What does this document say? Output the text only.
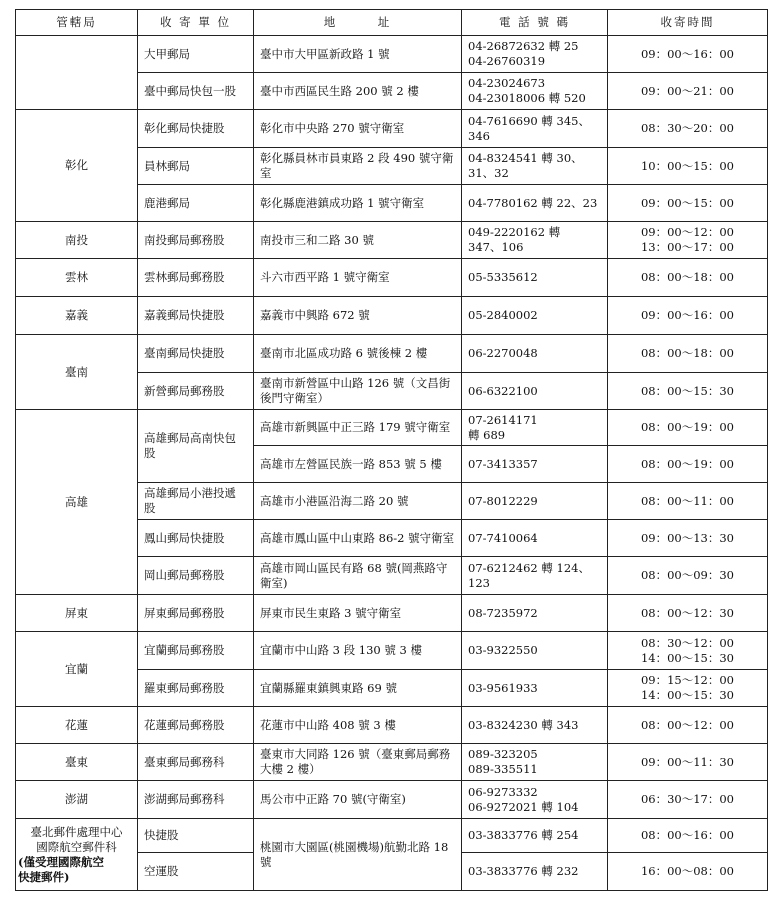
管轄局	收 寄 單 位	地　　　址	電 話 號 碼	收寄時間
	大甲郵局	臺中市大甲區新政路 1 號	04-26872632 轉 25
04-26760319	09：00～16：00

	臺中郵局快包一股	臺中市西區民生路 200 號 2 樓	04-23024673
04-23018006 轉 520	09：00～21：00

彰化	彰化郵局快捷股	彰化市中央路 270 號守衛室	04-7616690 轉 345、
346	08：30～20：00

	員林郵局	彰化縣員林市員東路 2 段 490 號守衛室	04-8324541 轉 30、
31、32	10：00～15：00

	鹿港郵局	彰化縣鹿港鎮成功路 1 號守衛室	04-7780162 轉 22、23	09：00～15：00

南投	南投郵局郵務股	南投市三和二路 30 號	049-2220162 轉
347、106	09：00～12：00
13：00～17：00

雲林	雲林郵局郵務股	斗六市西平路 1 號守衛室	05-5335612	08：00～18：00

嘉義	嘉義郵局快捷股	嘉義市中興路 672 號	05-2840002	09：00～16：00

臺南	臺南郵局快捷股	臺南市北區成功路 6 號後棟 2 樓	06-2270048	08：00～18：00

	新營郵局郵務股	臺南市新營區中山路 126 號（文昌街後門守衛室）	06-6322100	08：00～15：30

高雄	高雄郵局高南快包股	高雄市新興區中正三路 179 號守衛室	07-2614171
轉 689	08：00～19：00

		高雄市左營區民族一路 853 號 5 樓	07-3413357	08：00～19：00

	高雄郵局小港投遞股	高雄市小港區沿海二路 20 號	07-8012229	08：00～11：00

	鳳山郵局快捷股	高雄市鳳山區中山東路 86-2 號守衛室	07-7410064	09：00～13：30

	岡山郵局郵務股	高雄市岡山區民有路 68 號(岡燕路守衛室)	07-6212462 轉 124、
123	08：00～09：30

屏東	屏東郵局郵務股	屏東市民生東路 3 號守衛室	08-7235972	08：00～12：30

宜蘭	宜蘭郵局郵務股	宜蘭市中山路 3 段 130 號 3 樓	03-9322550	08：30～12：00
14：00～15：30

	羅東郵局郵務股	宜蘭縣羅東鎮興東路 69 號	03-9561933	09：15～12：00
14：00～15：30

花蓮	花蓮郵局郵務股	花蓮市中山路 408 號 3 樓	03-8324230 轉 343	08：00～12：00

臺東	臺東郵局郵務科	臺東市大同路 126 號（臺東郵局郵務大樓 2 樓）	089-323205
089-335511	09：00～11：30

澎湖	澎湖郵局郵務科	馬公市中正路 70 號(守衛室)	06-9273332
06-9272021 轉 104	06：30～17：00

臺北郵件處理中心
國際航空郵件科
(僅受理國際航空
快捷郵件)	快捷股	桃園市大園區(桃園機場)航勤北路 18 號	03-3833776 轉 254	08：00～16：00

	空運股		03-3833776 轉 232	16：00～08：00
